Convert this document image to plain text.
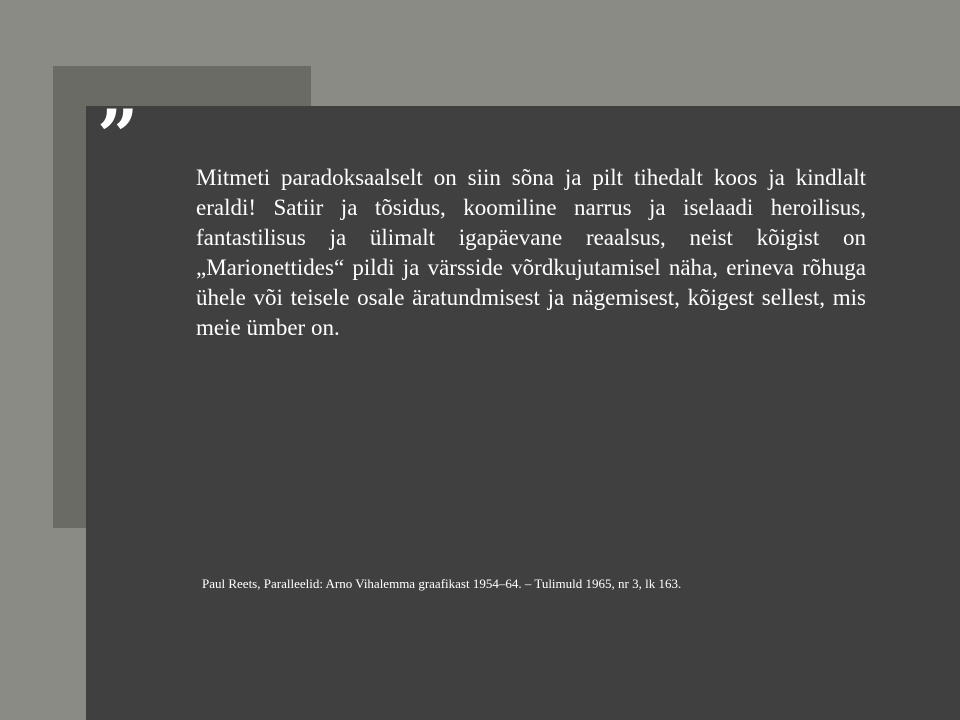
”	Mitmeti paradoksaalselt on siin sõna ja pilt tihedalt koos ja kindlalt eraldi! Satiir ja tõsidus, koomiline narrus ja iselaadi heroilisus, fantastilisus ja ülimalt igapäevane reaalsus, neist kõigist on „Marionettides“ pildi ja värsside võrdkujutamisel näha, erineva rõhuga ühele või teisele osale äratundmisest ja nägemisest, kõigest sellest, mis meie ümber on.

Paul Reets, Paralleelid: Arno Vihalemma graafikast 1954–64. – Tulimuld 1965, nr 3, lk 163.
